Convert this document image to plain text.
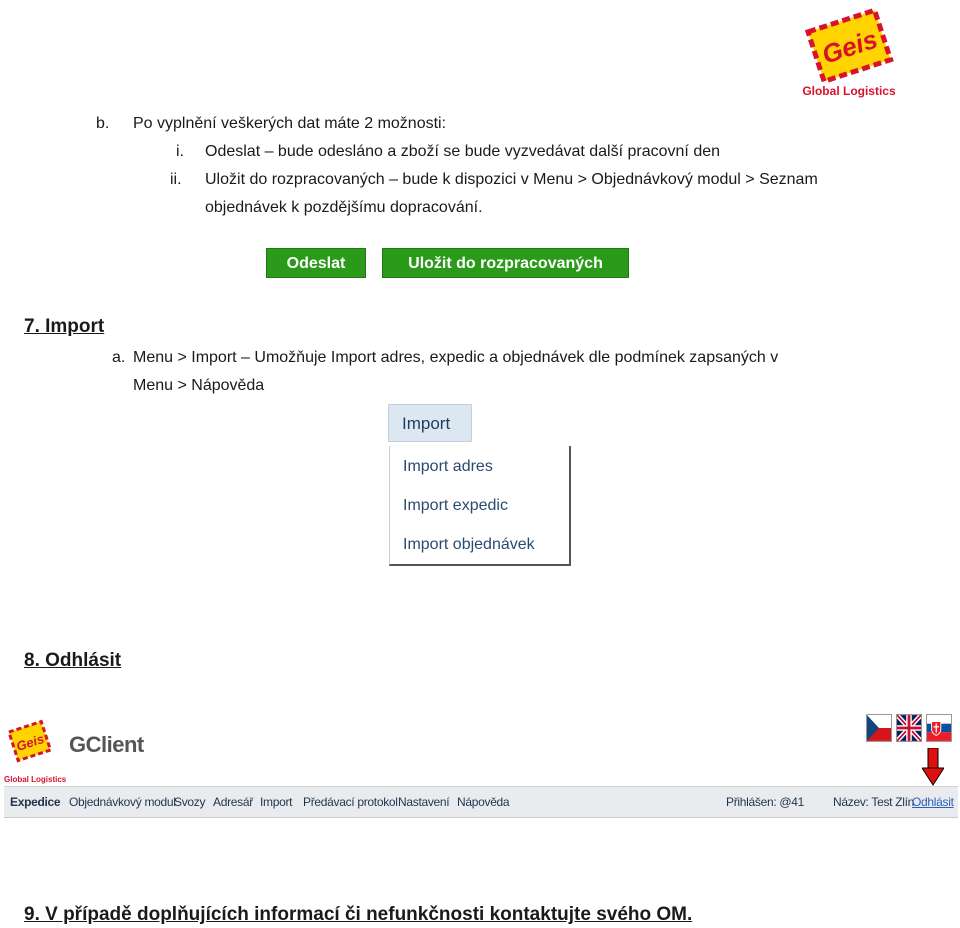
Geis
Global Logistics
b. Po vyplnění veškerých dat máte 2 možnosti:
i. Odeslat – bude odesláno a zboží se bude vyzvedávat další pracovní den
ii. Uložit do rozpracovaných – bude k dispozici v Menu > Objednávkový modul > Seznam
objednávek k pozdějšímu dopracování.
Odeslat	Uložit do rozpracovaných
7. Import
a. Menu > Import – Umožňuje Import adres, expedic a objednávek dle podmínek zapsaných v
Menu > Nápověda
Import
Import adres
Import expedic
Import objednávek
8. Odhlásit
Geis
Global Logistics
GClient
Expedice Objednávkový modul
Svozy Adresář Import Předávací protokol Nastavení Nápověda	Přihlášen: @41 Název: Test Zlín
Odhlásit
9. V případě doplňujících informací či nefunkčnosti kontaktujte svého OM.
